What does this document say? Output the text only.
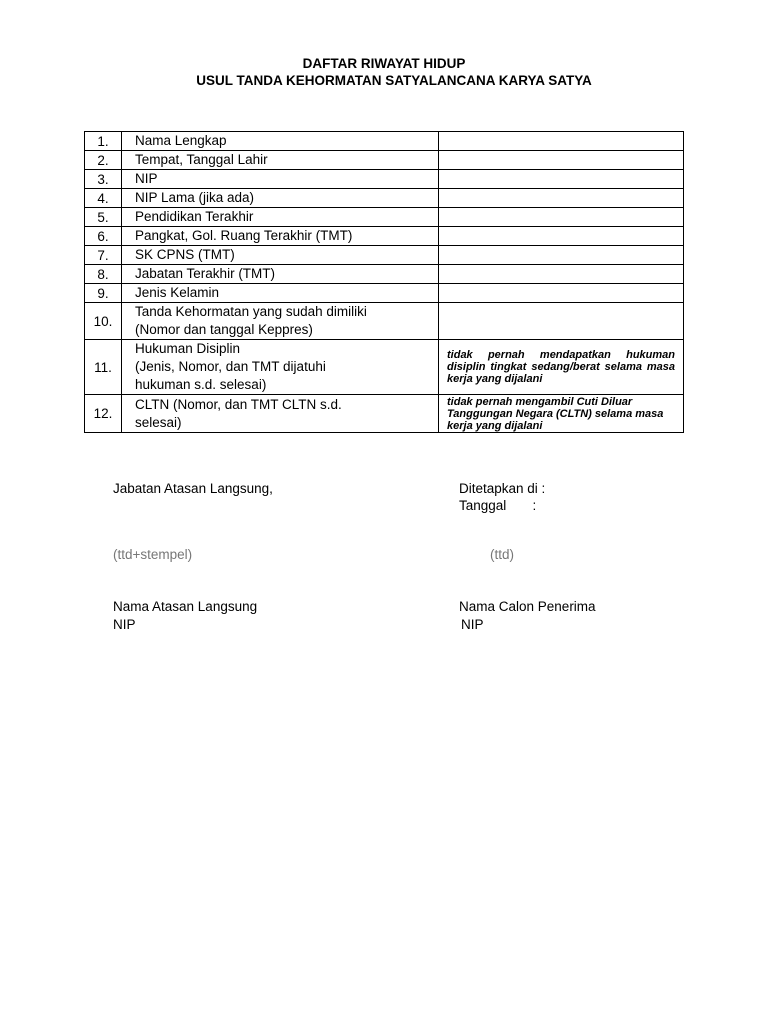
DAFTAR RIWAYAT HIDUP
USUL TANDA KEHORMATAN SATYALANCANA KARYA SATYA
1.	Nama Lengkap	
2.	Tempat, Tanggal Lahir	
3.	NIP	
4.	NIP Lama (jika ada)	
5.	Pendidikan Terakhir	
6.	Pangkat, Gol. Ruang Terakhir (TMT)	
7.	SK CPNS (TMT)	
8.	Jabatan Terakhir (TMT)	
9.	Jenis Kelamin	
10.	Tanda Kehormatan yang sudah dimiliki
(Nomor dan tanggal Keppres)	

11.	Hukuman Disiplin
(Jenis, Nomor, dan TMT dijatuhi
hukuman s.d. selesai)	tidak pernah mendapatkan hukuman disiplin tingkat sedang/berat selama masa kerja yang dijalani
12.	CLTN (Nomor, dan TMT CLTN s.d.
selesai)	tidak pernah mengambil Cuti Diluar Tanggungan Negara (CLTN) selama masa kerja yang dijalani
Jabatan Atasan Langsung,	Ditetapkan di :
Tanggal       :
(ttd+stempel)	(ttd)
Nama Atasan Langsung
NIP
Nama Calon Penerima
NIP
